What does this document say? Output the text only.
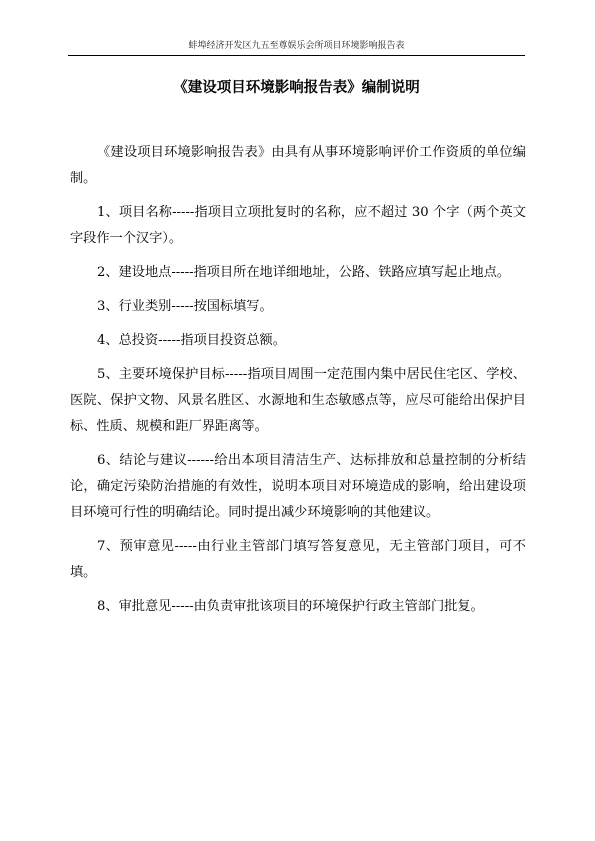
蚌埠经济开发区九五至尊娱乐会所项目环境影响报告表
《建设项目环境影响报告表》编制说明

《建设项目环境影响报告表》由具有从事环境影响评价工作资质的单位编制。

1、项目名称-----指项目立项批复时的名称，应不超过 30 个字（两个英文字段作一个汉字）。

2、建设地点-----指项目所在地详细地址，公路、铁路应填写起止地点。

3、行业类别-----按国标填写。

4、总投资-----指项目投资总额。

5、主要环境保护目标-----指项目周围一定范围内集中居民住宅区、学校、医院、保护文物、风景名胜区、水源地和生态敏感点等，应尽可能给出保护目标、性质、规模和距厂界距离等。

6、结论与建议------给出本项目清洁生产、达标排放和总量控制的分析结论，确定污染防治措施的有效性，说明本项目对环境造成的影响，给出建设项目环境可行性的明确结论。同时提出减少环境影响的其他建议。

7、预审意见-----由行业主管部门填写答复意见，无主管部门项目，可不填。

8、审批意见-----由负责审批该项目的环境保护行政主管部门批复。
